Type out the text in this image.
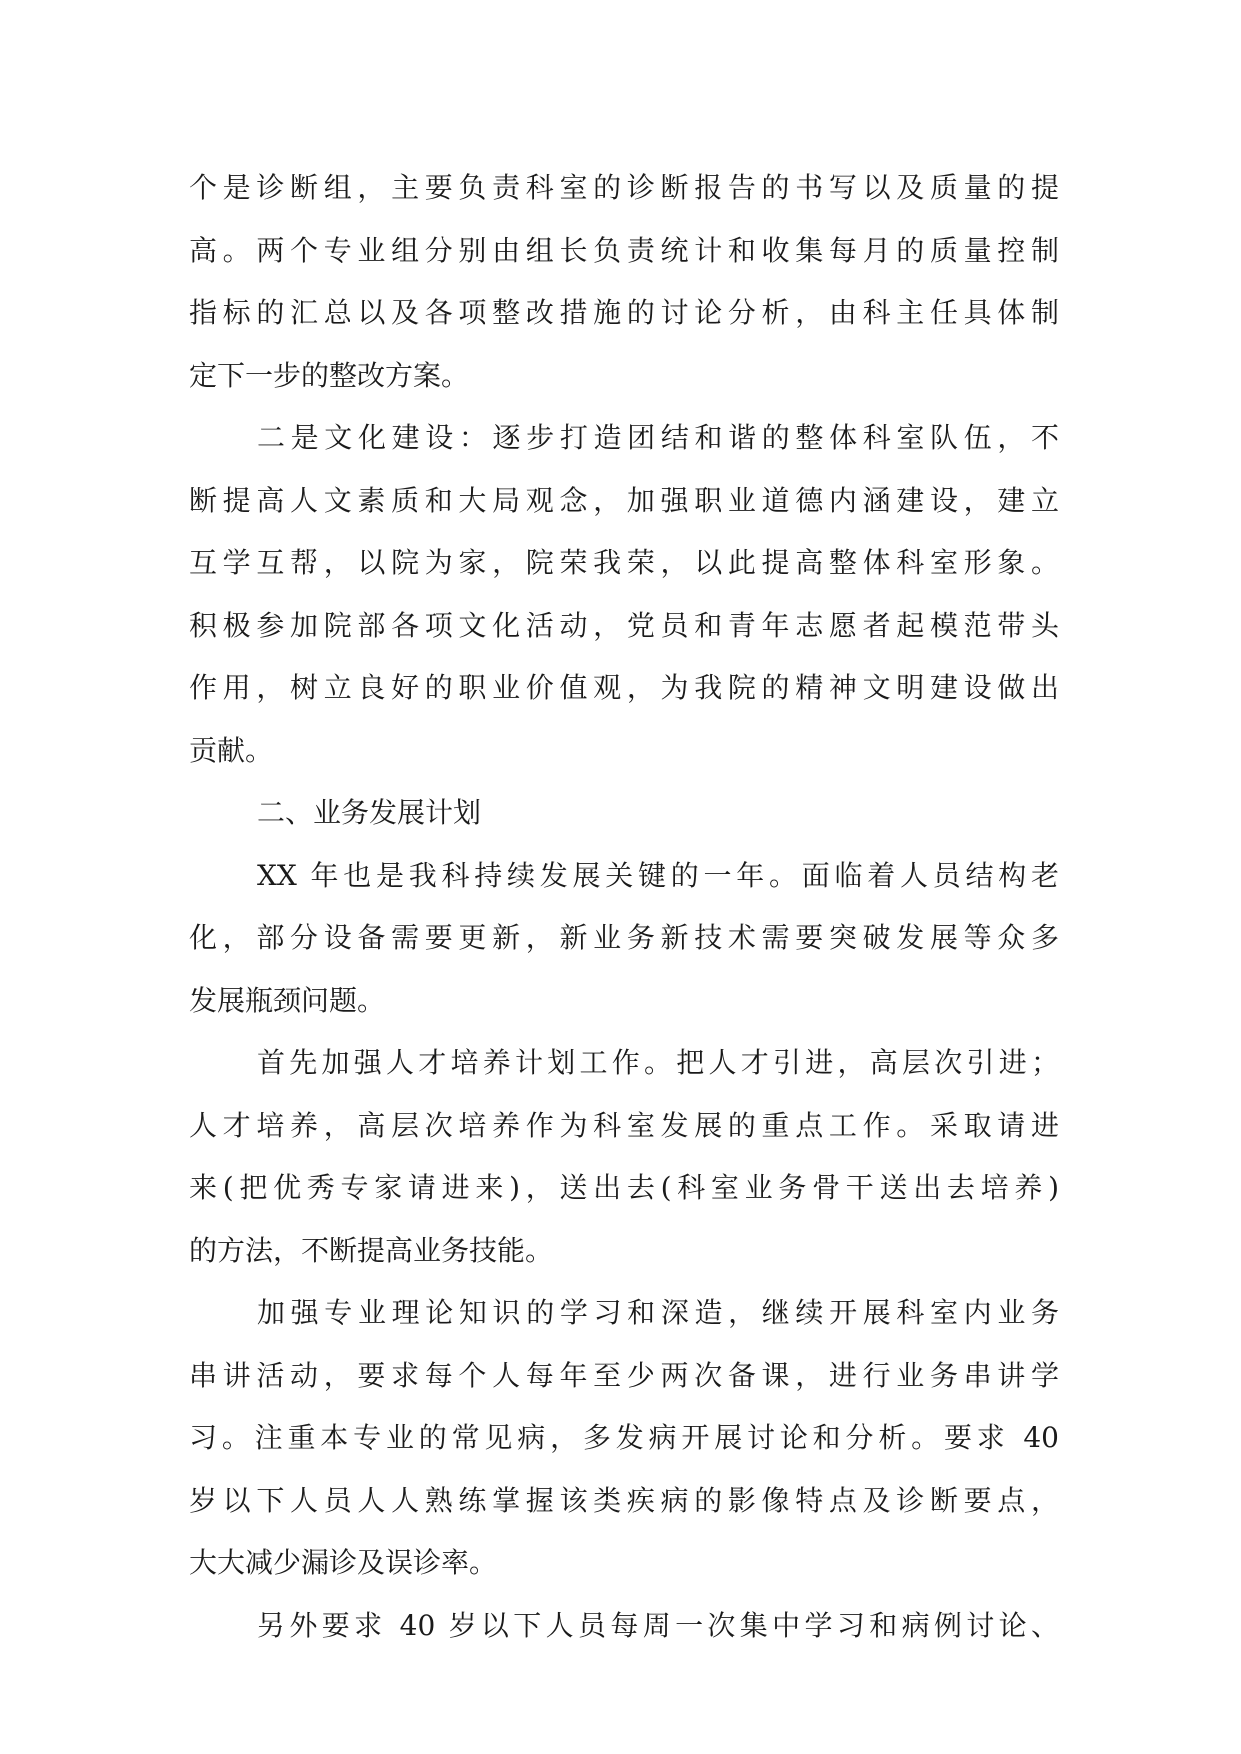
个是诊断组，主要负责科室的诊断报告的书写以及质量的提
高。两个专业组分别由组长负责统计和收集每月的质量控制
指标的汇总以及各项整改措施的讨论分析，由科主任具体制
定下一步的整改方案。
二是文化建设：逐步打造团结和谐的整体科室队伍，不
断提高人文素质和大局观念，加强职业道德内涵建设，建立
互学互帮，以院为家，院荣我荣，以此提高整体科室形象。
积极参加院部各项文化活动，党员和青年志愿者起模范带头
作用，树立良好的职业价值观，为我院的精神文明建设做出
贡献。
二、业务发展计划
XX 年也是我科持续发展关键的一年。面临着人员结构老
化，部分设备需要更新，新业务新技术需要突破发展等众多
发展瓶颈问题。
首先加强人才培养计划工作。把人才引进，高层次引进；
人才培养，高层次培养作为科室发展的重点工作。采取请进
来(把优秀专家请进来)，送出去(科室业务骨干送出去培养)
的方法，不断提高业务技能。
加强专业理论知识的学习和深造，继续开展科室内业务
串讲活动，要求每个人每年至少两次备课，进行业务串讲学
习。注重本专业的常见病，多发病开展讨论和分析。要求 40
岁以下人员人人熟练掌握该类疾病的影像特点及诊断要点，
大大减少漏诊及误诊率。
另外要求 40 岁以下人员每周一次集中学习和病例讨论、
